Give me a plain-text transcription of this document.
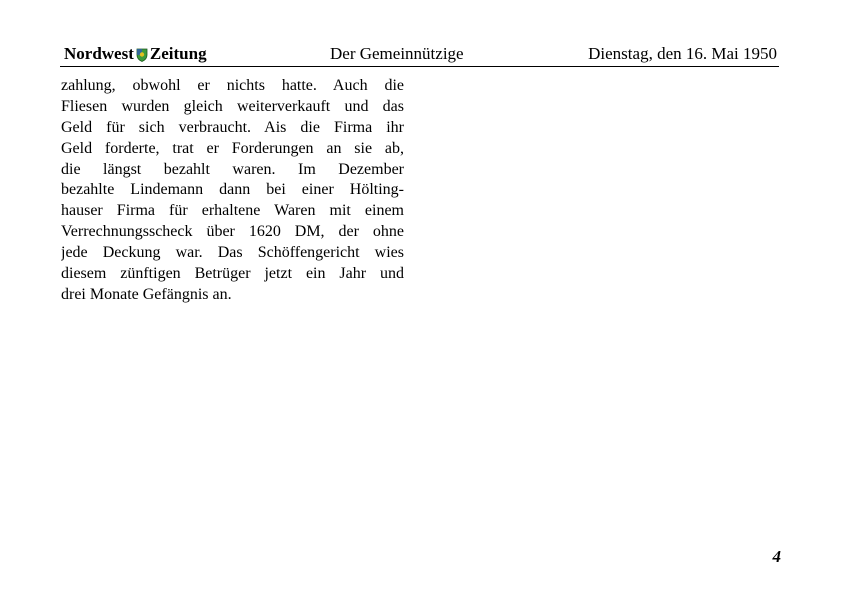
Nordwest Zeitung	Der Gemeinnützige	Dienstag, den 16. Mai 1950
zahlung, obwohl er nichts hatte. Auch die
Fliesen wurden gleich weiterverkauft und das
Geld für sich verbraucht. Ais die Firma ihr
Geld forderte, trat er Forderungen an sie ab,
die längst bezahlt waren. Im Dezember
bezahlte Lindemann dann bei einer Hölting-
hauser Firma für erhaltene Waren mit einem
Verrechnungsscheck über 1620 DM, der ohne
jede Deckung war. Das Schöffengericht wies
diesem zünftigen Betrüger jetzt ein Jahr und
drei Monate Gefängnis an.
4
